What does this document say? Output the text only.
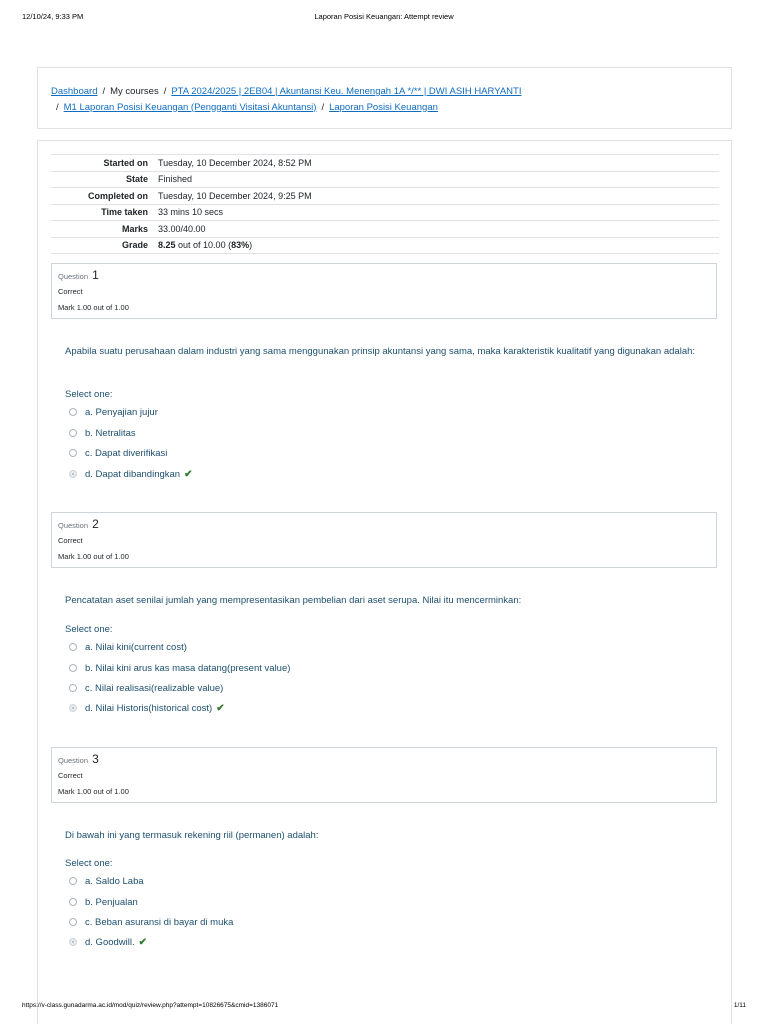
12/10/24, 9:33 PM	Laporan Posisi Keuangan: Attempt review
Dashboard / My courses / PTA 2024/2025 | 2EB04 | Akuntansi Keu. Menengah 1A */** | DWI ASIH HARYANTI
/ M1 Laporan Posisi Keuangan (Pengganti Visitasi Akuntansi) / Laporan Posisi Keuangan
Started on	Tuesday, 10 December 2024, 8:52 PM
State	Finished
Completed on	Tuesday, 10 December 2024, 9:25 PM
Time taken	33 mins 10 secs
Marks	33.00/40.00
Grade	8.25 out of 10.00 (83%)
Question 1
Correct
Mark 1.00 out of 1.00
Apabila suatu perusahaan dalam industri yang sama menggunakan prinsip akuntansi yang sama, maka karakteristik kualitatif yang digunakan adalah:
Select one:
a. Penyajian jujur
b. Netralitas
c. Dapat diverifikasi
d. Dapat dibandingkan ✔
Question 2
Correct
Mark 1.00 out of 1.00
Pencatatan aset senilai jumlah yang mempresentasikan pembelian dari aset serupa. Nilai itu mencerminkan:
Select one:
a. Nilai kini(current cost)
b. Nilai kini arus kas masa datang(present value)
c. Nilai realisasi(realizable value)
d. Nilai Historis(historical cost) ✔
Question 3
Correct
Mark 1.00 out of 1.00
Di bawah ini yang termasuk rekening riil (permanen) adalah:
Select one:
a. Saldo Laba
b. Penjualan
c. Beban asuransi di bayar di muka
d. Goodwill. ✔
https://v-class.gunadarma.ac.id/mod/quiz/review.php?attempt=10826675&cmid=1386071	1/11
